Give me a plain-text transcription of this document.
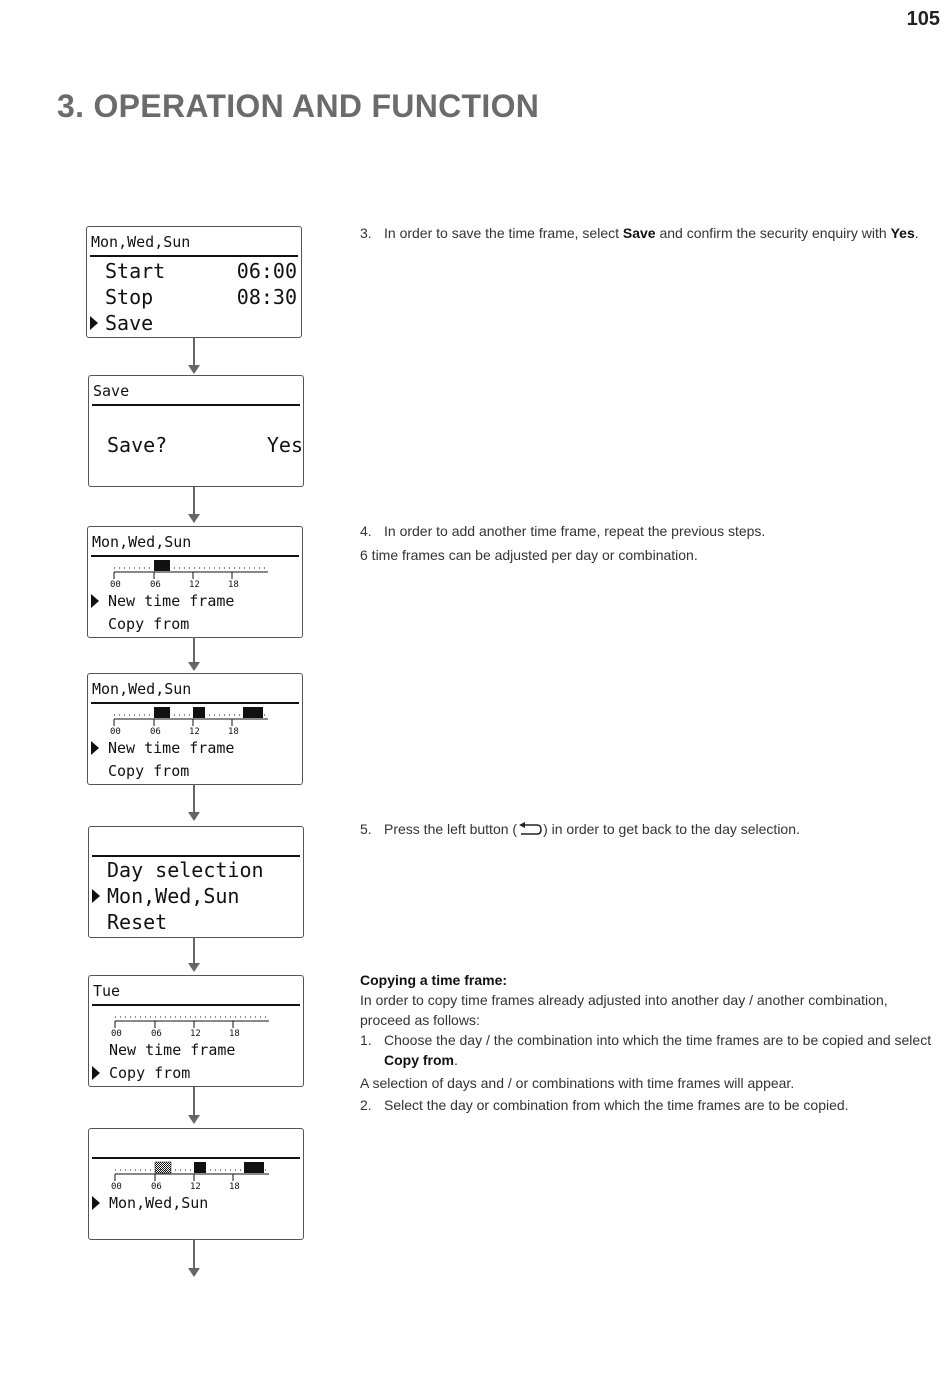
105
3. OPERATION AND FUNCTION
Mon,Wed,Sun
Start	06:00
Stop	08:30
Save
Save
Save?	Yes
Mon,Wed,Sun
00	06	12	18
New time frame
Copy from
Mon,Wed,Sun
00	06	12	18
New time frame
Copy from
Day selection
Mon,Wed,Sun
Reset
Tue
00	06	12	18
New time frame
Copy from
00	06	12	18
Mon,Wed,Sun
3. In order to save the time frame, select Save and confirm the security enquiry with Yes.
4. In order to add another time frame, repeat the previous steps.
6 time frames can be adjusted per day or combination.
5. Press the left button ( ) in order to get back to the day selection.
Copying a time frame:
In order to copy time frames already adjusted into another day / another combination, proceed as follows:
1. Choose the day / the combination into which the time frames are to be copied and select Copy from.
A selection of days and / or combinations with time frames will appear.
2. Select the day or combination from which the time frames are to be copied.
